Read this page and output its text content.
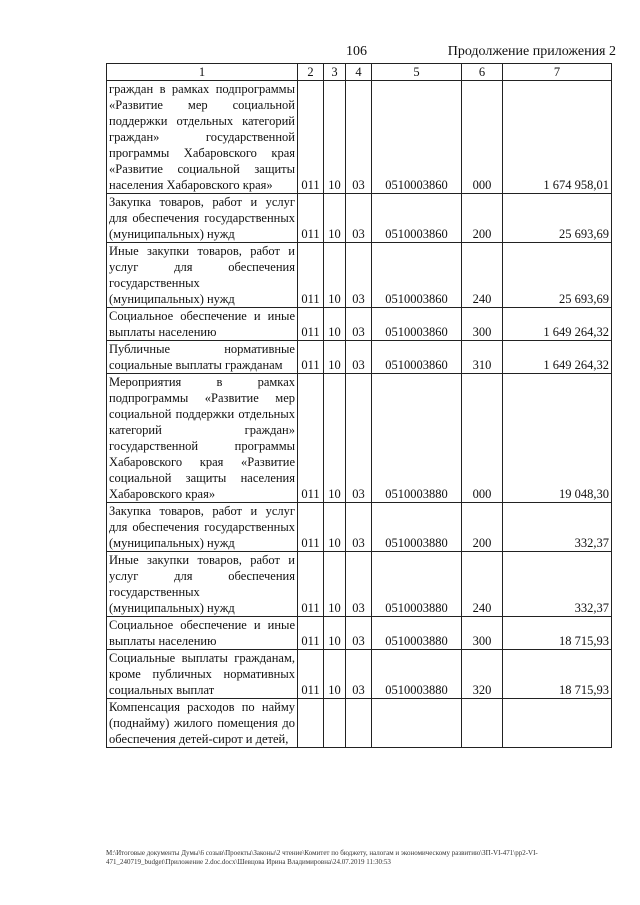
106	Продолжение приложения 2
1	2	3	4	5	6	7
граждан в рамках подпрограммы «Развитие мер социальной поддержки отдельных категорий граждан» государственной программы Хабаровского края «Развитие социальной защиты населения Хабаровского края»	011	10	03	0510003860	000	1 674 958,01
Закупка товаров, работ и услуг для обеспечения государственных (муниципальных) нужд	011	10	03	0510003860	200	25 693,69
Иные закупки товаров, работ и услуг для обеспечения государственных (муниципальных) нужд	011	10	03	0510003860	240	25 693,69
Социальное обеспечение и иные выплаты населению	011	10	03	0510003860	300	1 649 264,32
Публичные нормативные социальные выплаты гражданам	011	10	03	0510003860	310	1 649 264,32
Мероприятия в рамках подпрограммы «Развитие мер социальной поддержки отдельных категорий граждан» государственной программы Хабаровского края «Развитие социальной защиты населения Хабаровского края»	011	10	03	0510003880	000	19 048,30
Закупка товаров, работ и услуг для обеспечения государственных (муниципальных) нужд	011	10	03	0510003880	200	332,37
Иные закупки товаров, работ и услуг для обеспечения государственных (муниципальных) нужд	011	10	03	0510003880	240	332,37
Социальное обеспечение и иные выплаты населению	011	10	03	0510003880	300	18 715,93
Социальные выплаты гражданам, кроме публичных нормативных социальных выплат	011	10	03	0510003880	320	18 715,93
Компенсация расходов по найму (поднайму) жилого помещения до обеспечения детей-сирот и детей,						
M:\Итоговые документы Думы\6 созыв\Проекты\Законы\2 чтение\Комитет по бюджету, налогам и экономическому развитию\ЗП-VI-471\рр2-VI-471_240719_budget\Приложение 2.doc.docx\Шевцова Ирина Владимировна\24.07.2019 11:30:53
